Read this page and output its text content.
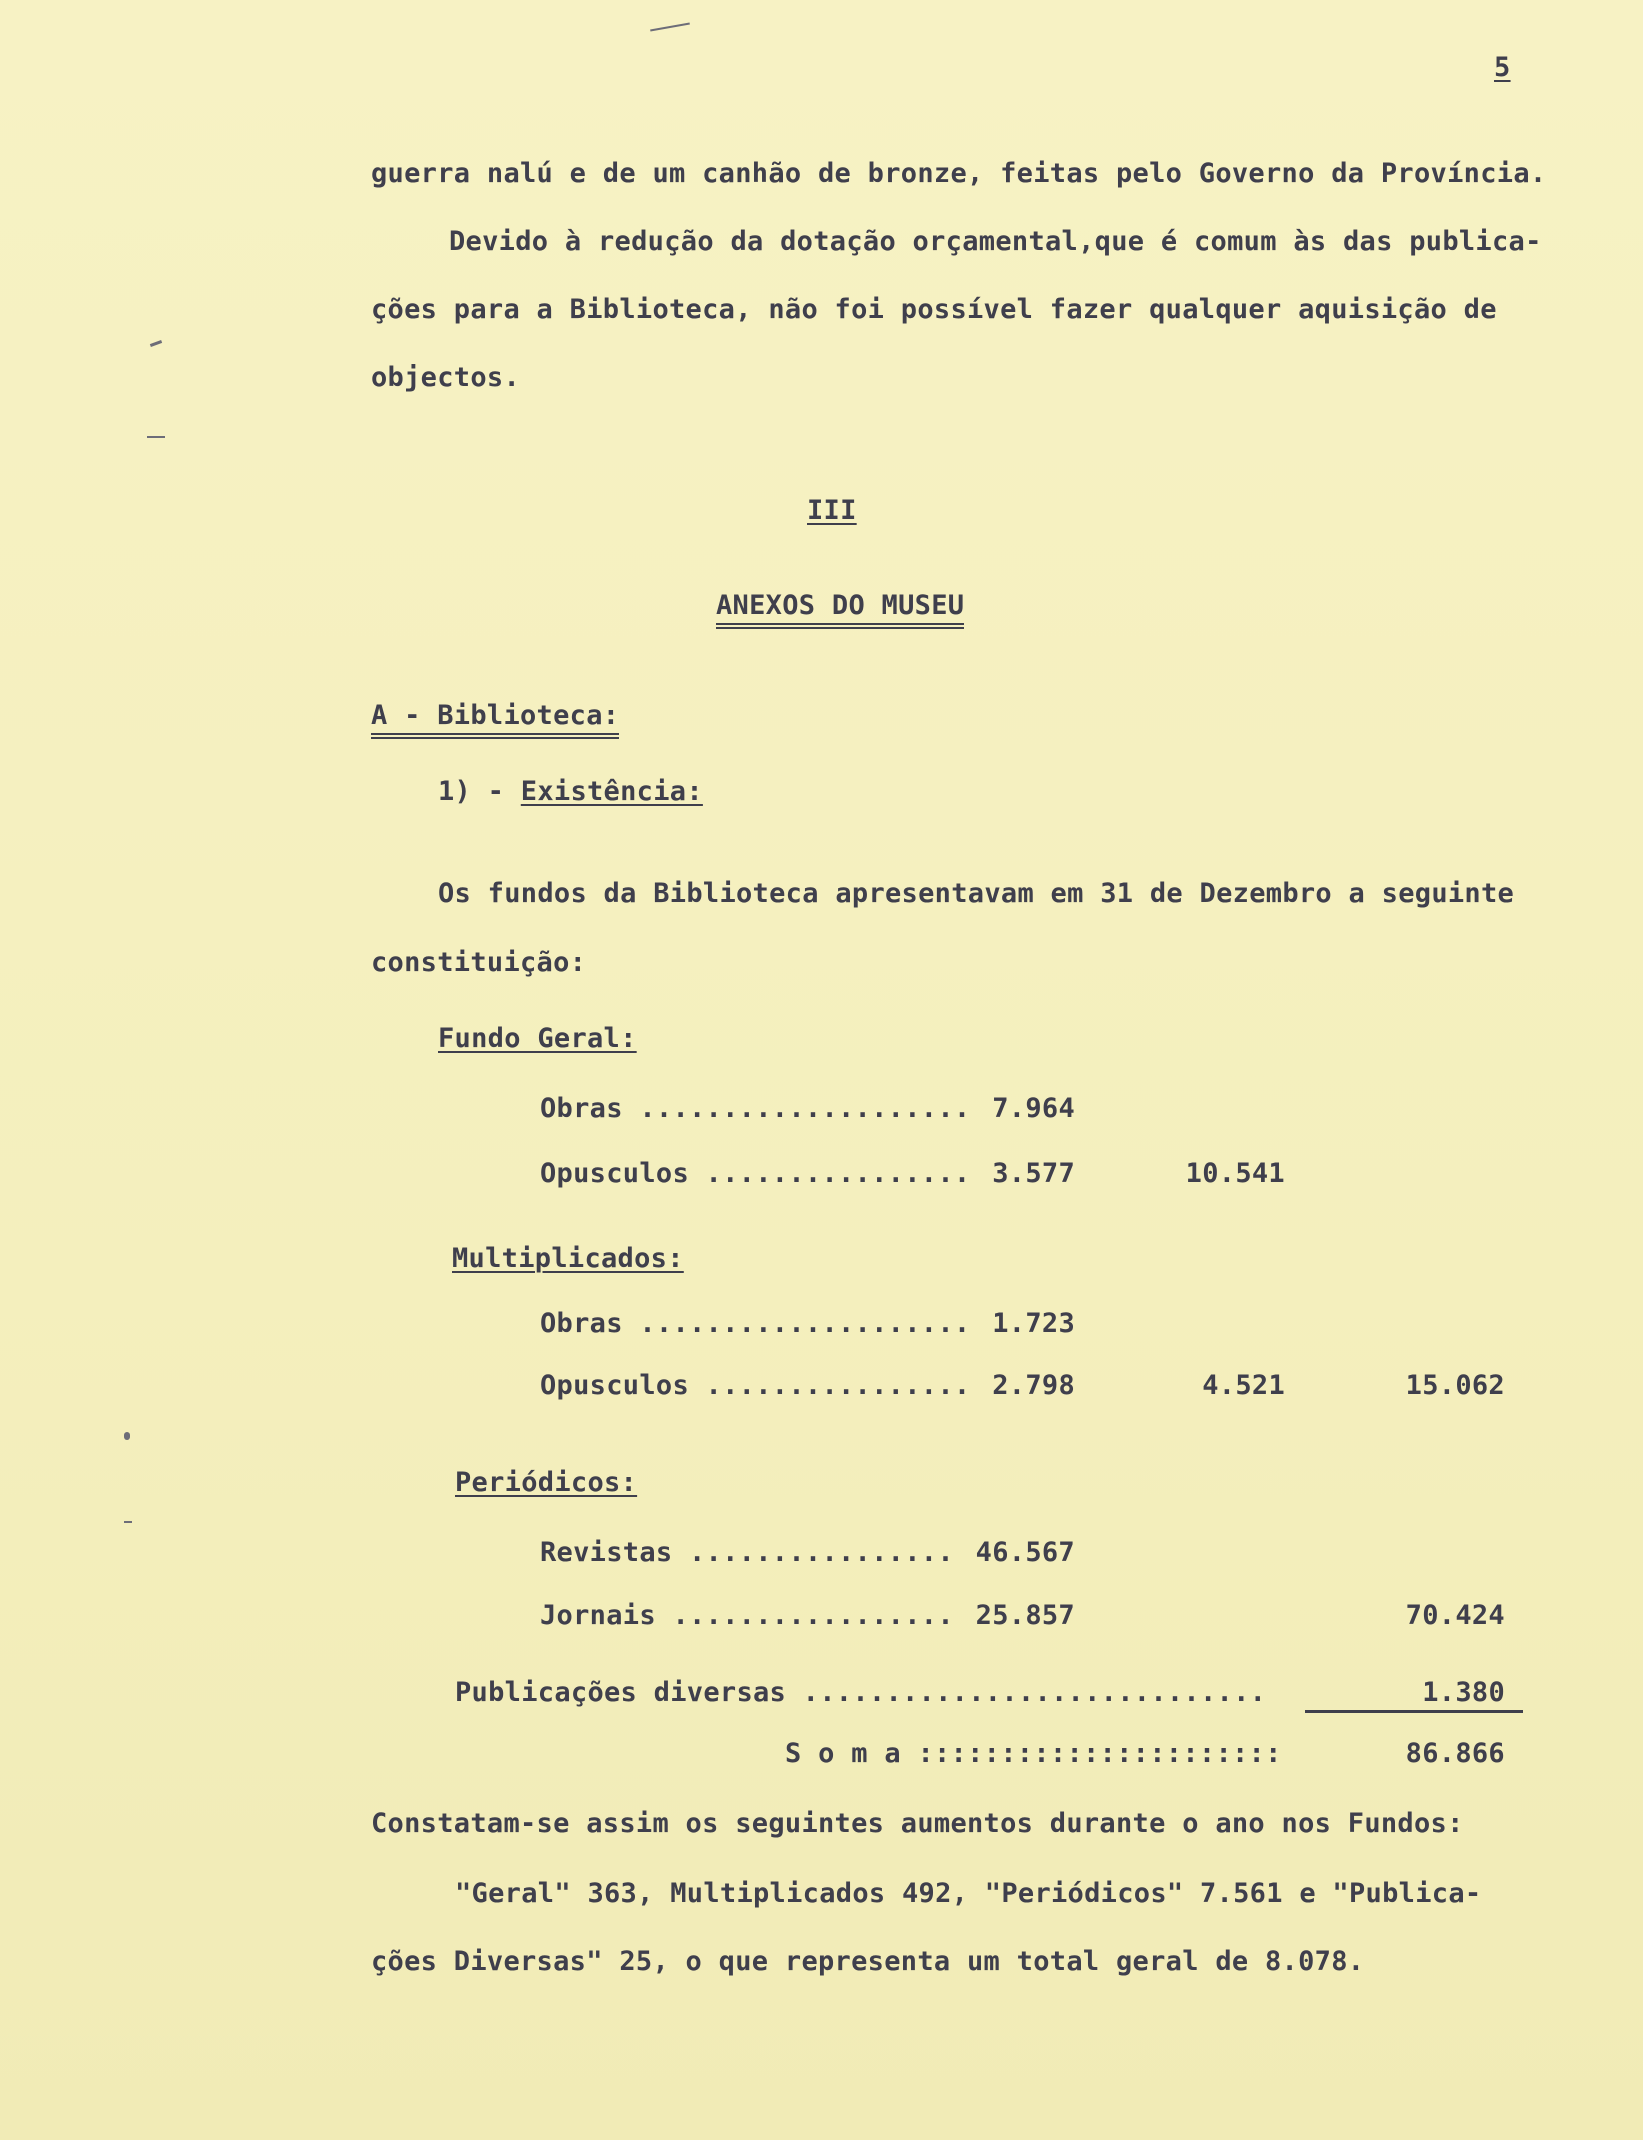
5
guerra nalú e de um canhão de bronze, feitas pelo Governo da Província.
Devido à redução da dotação orçamental,que é comum às das publica-
ções para a Biblioteca, não foi possível fazer qualquer aquisição de
objectos.
III
ANEXOS DO MUSEU
A - Biblioteca:
1) - Existência:
Os fundos da Biblioteca apresentavam em 31 de Dezembro a seguinte
constituição:
Fundo Geral:
Obras .................... 7.964
Opusculos ................ 3.577	10.541
Multiplicados:
Obras .................... 1.723
Opusculos ................ 2.798	4.521	15.062
Periódicos:
Revistas ................ 46.567
Jornais ................. 25.857	70.424
Publicações diversas ............................	1.380
S o m a ::::::::::::::::::::::	86.866
Constatam-se assim os seguintes aumentos durante o ano nos Fundos:
"Geral" 363, Multiplicados 492, "Periódicos" 7.561 e "Publica-
ções Diversas" 25, o que representa um total geral de 8.078.
